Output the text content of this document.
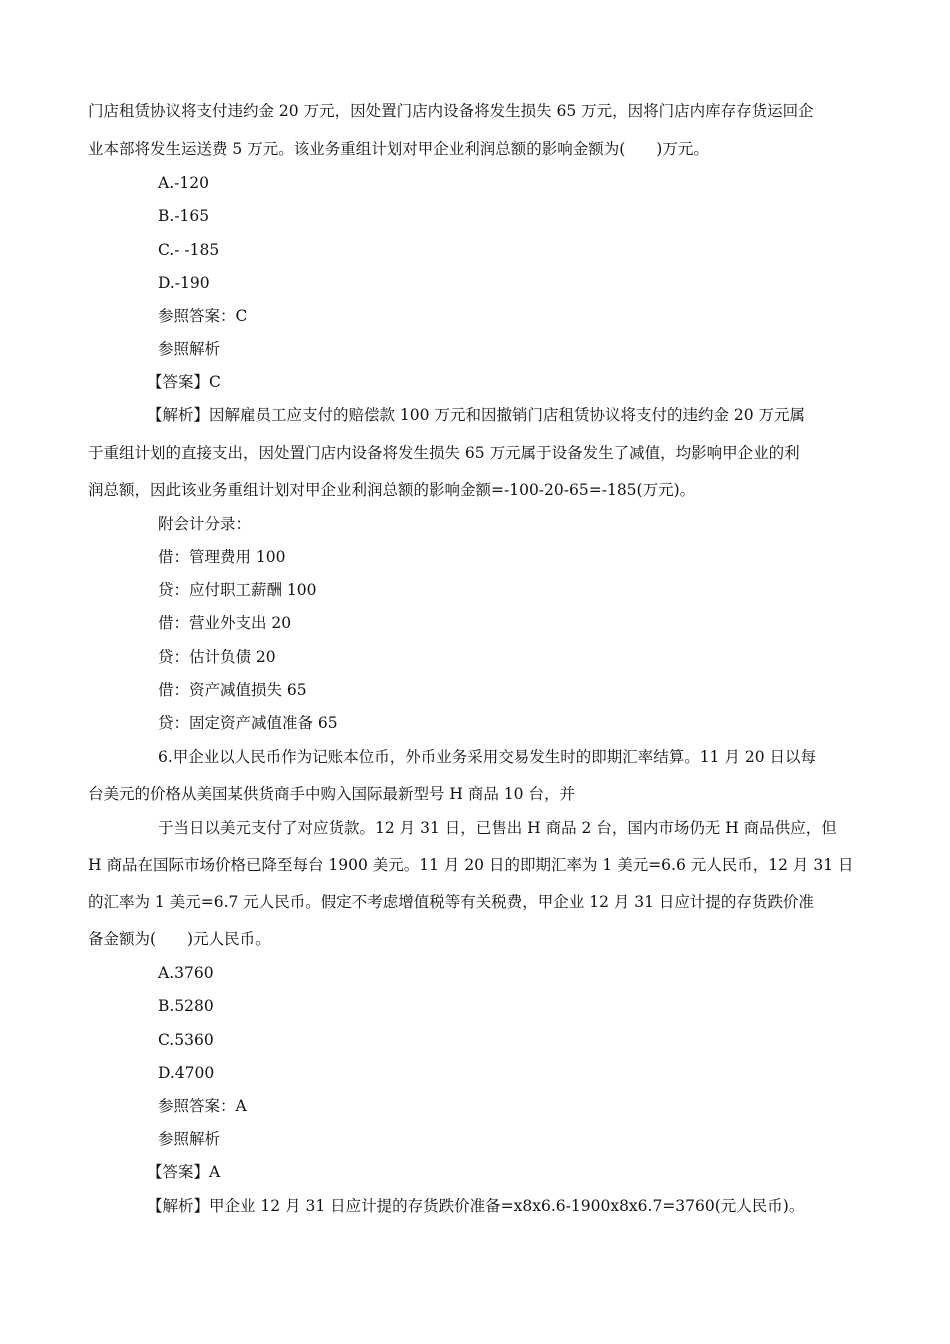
门店租赁协议将支付违约金 20 万元，因处置门店内设备将发生损失 65 万元，因将门店内库存存货运回企
业本部将发生运送费 5 万元。该业务重组计划对甲企业利润总额的影响金额为(　　)万元。
A.-120
B.-165
C.- -185
D.-190
参照答案：C
参照解析
【答案】C
【解析】因解雇员工应支付的赔偿款 100 万元和因撤销门店租赁协议将支付的违约金 20 万元属
于重组计划的直接支出，因处置门店内设备将发生损失 65 万元属于设备发生了减值，均影响甲企业的利
润总额，因此该业务重组计划对甲企业利润总额的影响金额=-100-20-65=-185(万元)。
附会计分录：
借：管理费用 100
贷：应付职工薪酬 100
借：营业外支出 20
贷：估计负债 20
借：资产减值损失 65
贷：固定资产减值准备 65
6.甲企业以人民币作为记账本位币，外币业务采用交易发生时的即期汇率结算。11 月 20 日以每
台美元的价格从美国某供货商手中购入国际最新型号 H 商品 10 台，并
于当日以美元支付了对应货款。12 月 31 日，已售出 H 商品 2 台，国内市场仍无 H 商品供应，但
H 商品在国际市场价格已降至每台 1900 美元。11 月 20 日的即期汇率为 1 美元=6.6 元人民币，12 月 31 日
的汇率为 1 美元=6.7 元人民币。假定不考虑增值税等有关税费，甲企业 12 月 31 日应计提的存货跌价准
备金额为(　　)元人民币。
A.3760
B.5280
C.5360
D.4700
参照答案：A
参照解析
【答案】A
【解析】甲企业 12 月 31 日应计提的存货跌价准备=x8x6.6-1900x8x6.7=3760(元人民币)。
